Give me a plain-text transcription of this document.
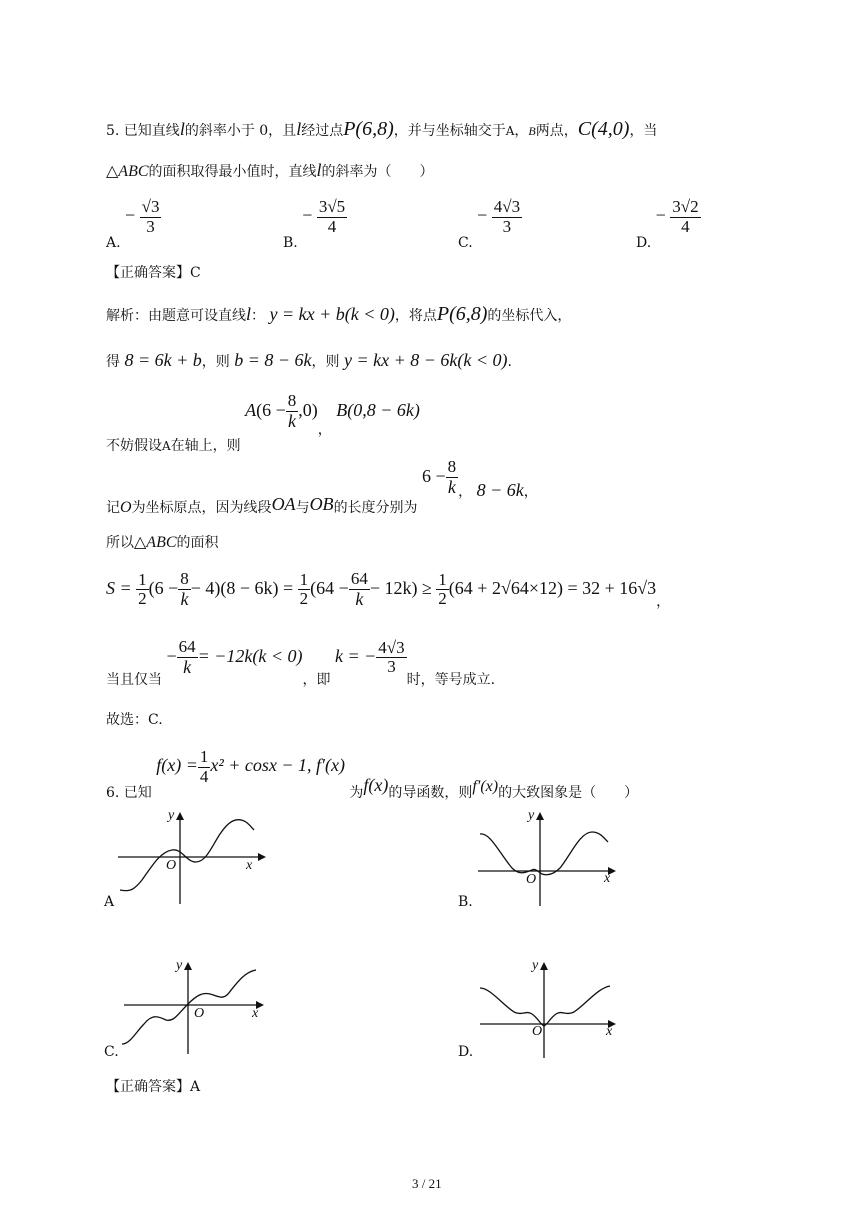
5. 已知直线l的斜率小于 0，且l经过点P(6,8)，并与坐标轴交于A，B两点，C(4,0)，当
△ABC的面积取得最小值时，直线l的斜率为（　　）
A. − $\frac{√3}{3}$
B. − $\frac{3√5}{4}$
C. − $\frac{4√3}{3}$
D. − $\frac{3√2}{4}$
【正确答案】C
解析：由题意可设直线l： y = kx + b(k < 0)，将点P(6,8)的坐标代入，
得 8 = 6k + b，则 b = 8 − 6k，则 y = kx + 8 − 6k(k < 0).
不妨假设A在轴上，则 $A(6 - \frac{8}{k} ,0)$， B(0,8 − 6k)
记O为坐标原点，因为线段OA与OB的长度分别为 $6 - \frac{8}{k}$ ， 8 − 6k，
所以△ABC的面积
$S = \frac{1}{2} (6 - \frac{8}{k} - 4)(8 - 6k) = \frac{1}{2} (64 - \frac{64}{k} - 12k) \ge \frac{1}{2} (64 + 2√64\times 12) = 32 + 16√3$，
当且仅当 − $\frac{64}{k} = -12k(k < 0)$，即 k = − $\frac{4√3}{3}$
时，等号成立.
故选：C.
6. 已知 $f(x) = \frac{1}{4} x^2 + \cos x - 1$, f′(x) 为f(x)的导函数，则f′(x)的大致图象是（　　）
y
O	x
A
y
O	x
B.
y
O	x
C.
y
O	x
D.
【正确答案】A
3 / 21
